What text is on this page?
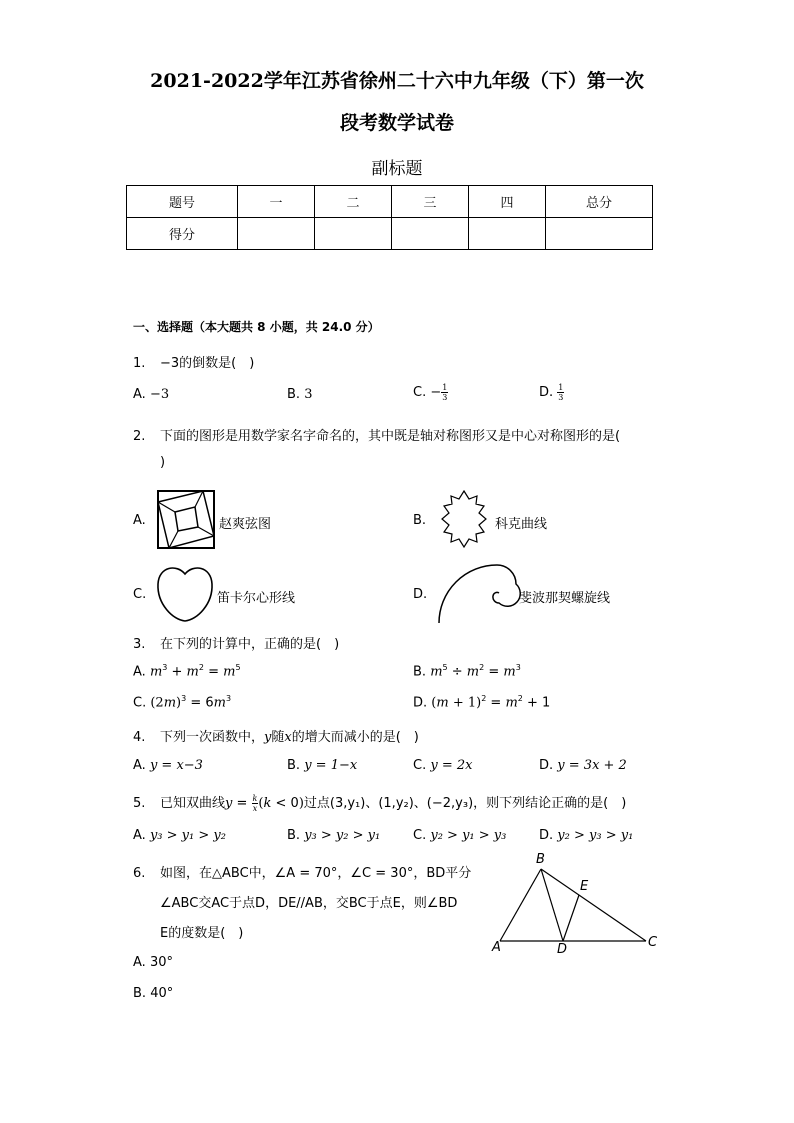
2021-2022学年江苏省徐州二十六中九年级（下）第一次
段考数学试卷
副标题
题号	一	二	三	四	总分
得分					
一、选择题（本大题共 8 小题，共 24.0 分）
1. −3的倒数是( )
A. −3	B. 3	C. − $\frac{1}{3}$	D. $\frac{1}{3}$
2. 下面的图形是用数学家名字命名的，其中既是轴对称图形又是中心对称图形的是(
)
A.	赵爽弦图	B.	科克曲线
C.	笛卡尔心形线	D.	斐波那契螺旋线
3. 在下列的计算中，正确的是( )
A. $m^3 + m^2 = m^5$	B. $m^5 \div m^2 = m^3$
C. $(2m)^3 = 6m^3$	D. $(m + 1)^2 = m^2 + 1$
4. 下列一次函数中，y随x的增大而减小的是( )
A. y = x−3	B. y = 1−x	C. y = 2x	D. y = 3x + 2
5. 已知双曲线$y = \frac{k}{x} (k < 0)$过点(3,y₁)、(1,y₂)、(−2,y₃)，则下列结论正确的是( )
A. y₃ > y₁ > y₂	B. y₃ > y₂ > y₁	C. y₂ > y₁ > y₃	D. y₂ > y₃ > y₁
6. 如图，在△ABC中，∠A = 70°，∠C = 30°，BD平分
∠ABC交AC于点D，DE//AB，交BC于点E，则∠BD
E的度数是( )
A. 30°
B. 40°
B
E
A	D	C
